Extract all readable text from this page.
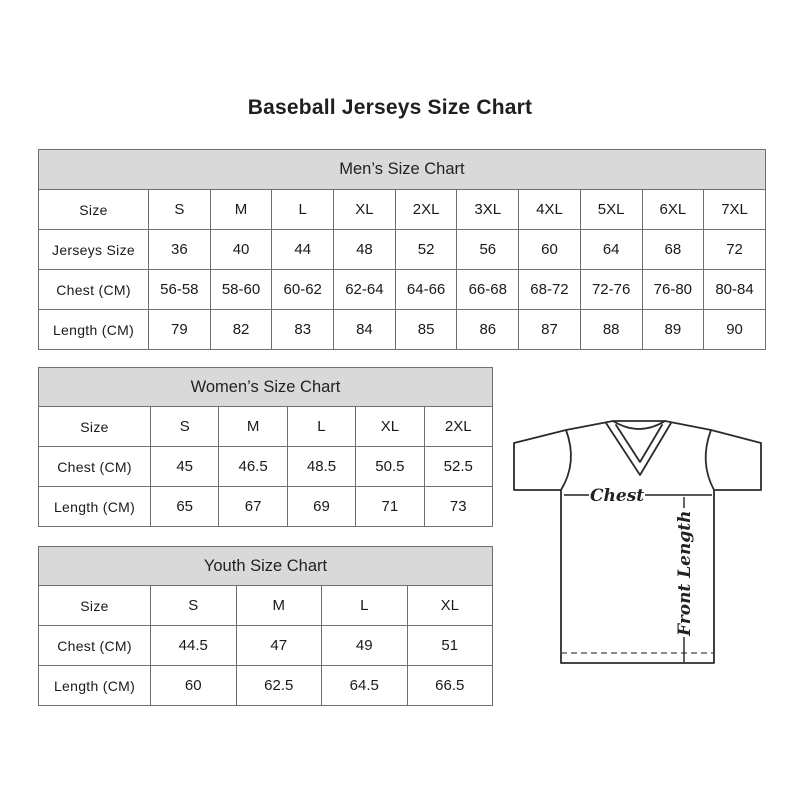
Baseball Jerseys Size Chart
Men’s Size Chart										
Size	S	M	L	XL	2XL	3XL	4XL	5XL	6XL	7XL
Jerseys Size	36	40	44	48	52	56	60	64	68	72
Chest (CM)	56-58	58-60	60-62	62-64	64-66	66-68	68-72	72-76	76-80	80-84
Length (CM)	79	82	83	84	85	86	87	88	89	90
Women’s Size Chart					
Size	S	M	L	XL	2XL
Chest (CM)	45	46.5	48.5	50.5	52.5
Length (CM)	65	67	69	71	73
Youth Size Chart				
Size	S	M	L	XL
Chest (CM)	44.5	47	49	51
Length (CM)	60	62.5	64.5	66.5
Chest
Front Length
